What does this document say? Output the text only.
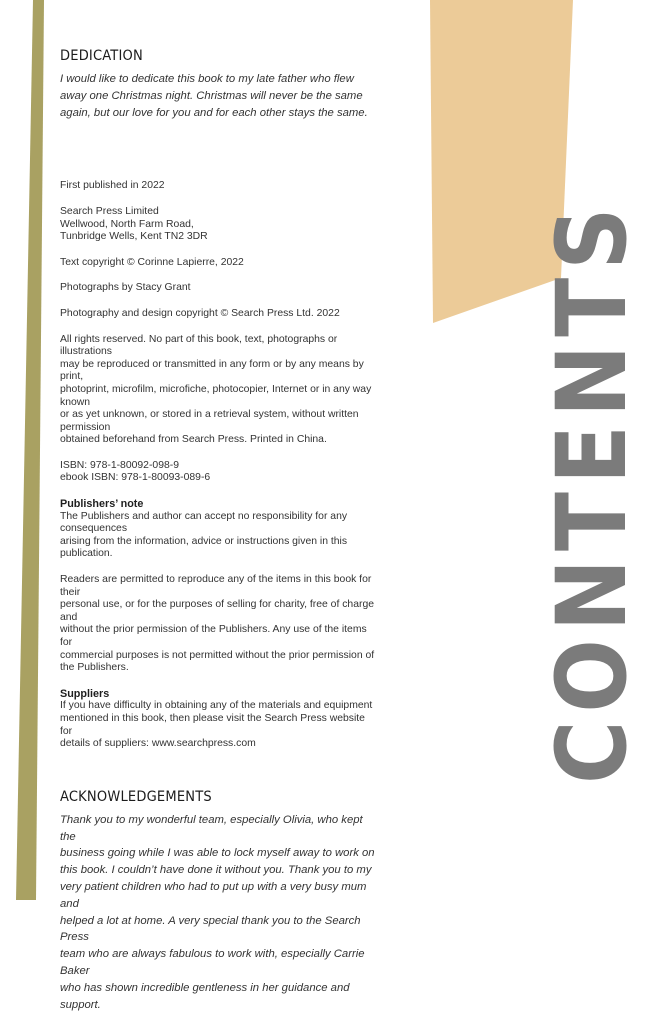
DEDICATION

I would like to dedicate this book to my late father who flew
away one Christmas night. Christmas will never be the same
again, but our love for you and for each other stays the same.

First published in 2022

Search Press Limited
Wellwood, North Farm Road,
Tunbridge Wells, Kent TN2 3DR

Text copyright © Corinne Lapierre, 2022

Photographs by Stacy Grant

Photography and design copyright © Search Press Ltd. 2022

All rights reserved. No part of this book, text, photographs or illustrations
may be reproduced or transmitted in any form or by any means by print,
photoprint, microfilm, microfiche, photocopier, Internet or in any way known
or as yet unknown, or stored in a retrieval system, without written permission
obtained beforehand from Search Press. Printed in China.

ISBN: 978-1-80092-098-9
ebook ISBN: 978-1-80093-089-6

Publishers’ note
The Publishers and author can accept no responsibility for any consequences
arising from the information, advice or instructions given in this publication.

Readers are permitted to reproduce any of the items in this book for their
personal use, or for the purposes of selling for charity, free of charge and
without the prior permission of the Publishers. Any use of the items for
commercial purposes is not permitted without the prior permission of
the Publishers.

Suppliers
If you have difficulty in obtaining any of the materials and equipment
mentioned in this book, then please visit the Search Press website for
details of suppliers: www.searchpress.com

ACKNOWLEDGEMENTS

Thank you to my wonderful team, especially Olivia, who kept the
business going while I was able to lock myself away to work on
this book. I couldn’t have done it without you. Thank you to my
very patient children who had to put up with a very busy mum and
helped a lot at home. A very special thank you to the Search Press
team who are always fabulous to work with, especially Carrie Baker
who has shown incredible gentleness in her guidance and support.

CONTENTS
